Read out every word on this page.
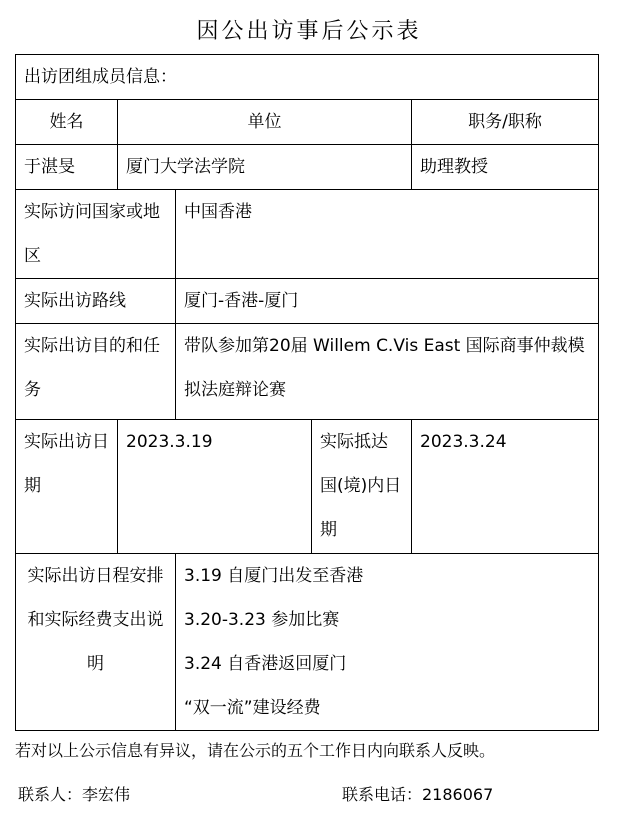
因公出访事后公示表
出访团组成员信息：				
姓名	单位			职务/职称
于湛旻	厦门大学法学院			助理教授
实际访问国家或地区		中国香港		
实际出访路线		厦门-香港-厦门		
实际出访目的和任务		带队参加第20届 Willem C.Vis East 国际商事仲裁模拟法庭辩论赛		
实际出访日期	2023.3.19		实际抵达国(境)内日期	2023.3.24
实际出访日程安排和实际经费支出说明		3.19 自厦门出发至香港
3.20-3.23 参加比赛
3.24 自香港返回厦门
“双一流”建设经费		
若对以上公示信息有异议，请在公示的五个工作日内向联系人反映。
联系人：李宏伟	联系电话：2186067
